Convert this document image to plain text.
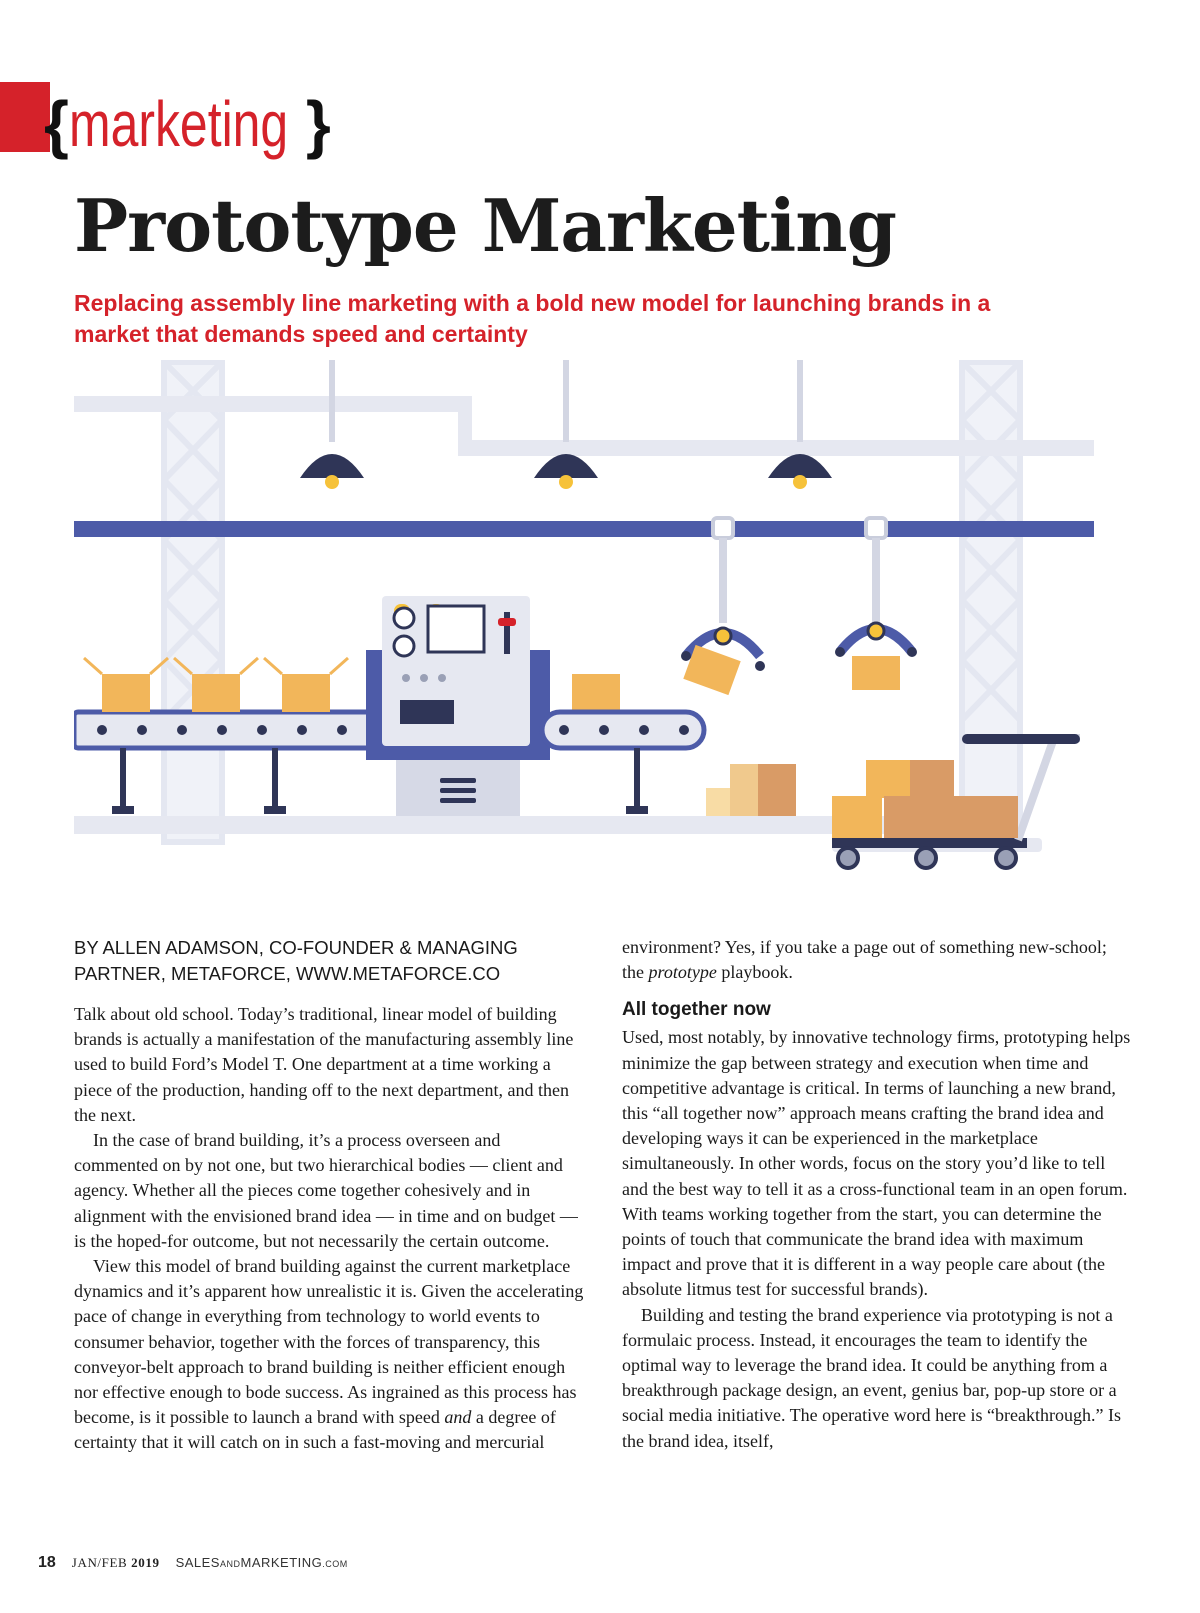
{ marketing }
Prototype Marketing

Replacing assembly line marketing with a bold new model for launching brands in a market that demands speed and certainty

BY ALLEN ADAMSON, CO-FOUNDER & MANAGING PARTNER, METAFORCE, WWW.METAFORCE.CO

Talk about old school. Today’s traditional, linear model of building brands is actually a manifestation of the manufacturing assembly line used to build Ford’s Model T. One department at a time working a piece of the production, handing off to the next department, and then the next.

In the case of brand building, it’s a process overseen and commented on by not one, but two hierarchical bodies — client and agency. Whether all the pieces come together cohesively and in alignment with the envisioned brand idea — in time and on budget — is the hoped-for outcome, but not necessarily the certain outcome.

View this model of brand building against the current marketplace dynamics and it’s apparent how unrealistic it is. Given the accelerating pace of change in everything from technology to world events to consumer behavior, together with the forces of transparency, this conveyor-belt approach to brand building is neither efficient enough nor effective enough to bode success. As ingrained as this process has become, is it possible to launch a brand with speed and a degree of certainty that it will catch on in such a fast-moving and mercurial

environment? Yes, if you take a page out of something new-school; the prototype playbook.

All together now

Used, most notably, by innovative technology firms, prototyping helps minimize the gap between strategy and execution when time and competitive advantage is critical. In terms of launching a new brand, this “all together now” approach means crafting the brand idea and developing ways it can be experienced in the marketplace simultaneously. In other words, focus on the story you’d like to tell and the best way to tell it as a cross-functional team in an open forum. With teams working together from the start, you can determine the points of touch that communicate the brand idea with maximum impact and prove that it is different in a way people care about (the absolute litmus test for successful brands).

Building and testing the brand experience via prototyping is not a formulaic process. Instead, it encourages the team to identify the optimal way to leverage the brand idea. It could be anything from a breakthrough package design, an event, genius bar, pop-up store or a social media initiative. The operative word here is “breakthrough.” Is the brand idea, itself,

18 JAN/FEB 2019 SALESANDMARKETING.COM
